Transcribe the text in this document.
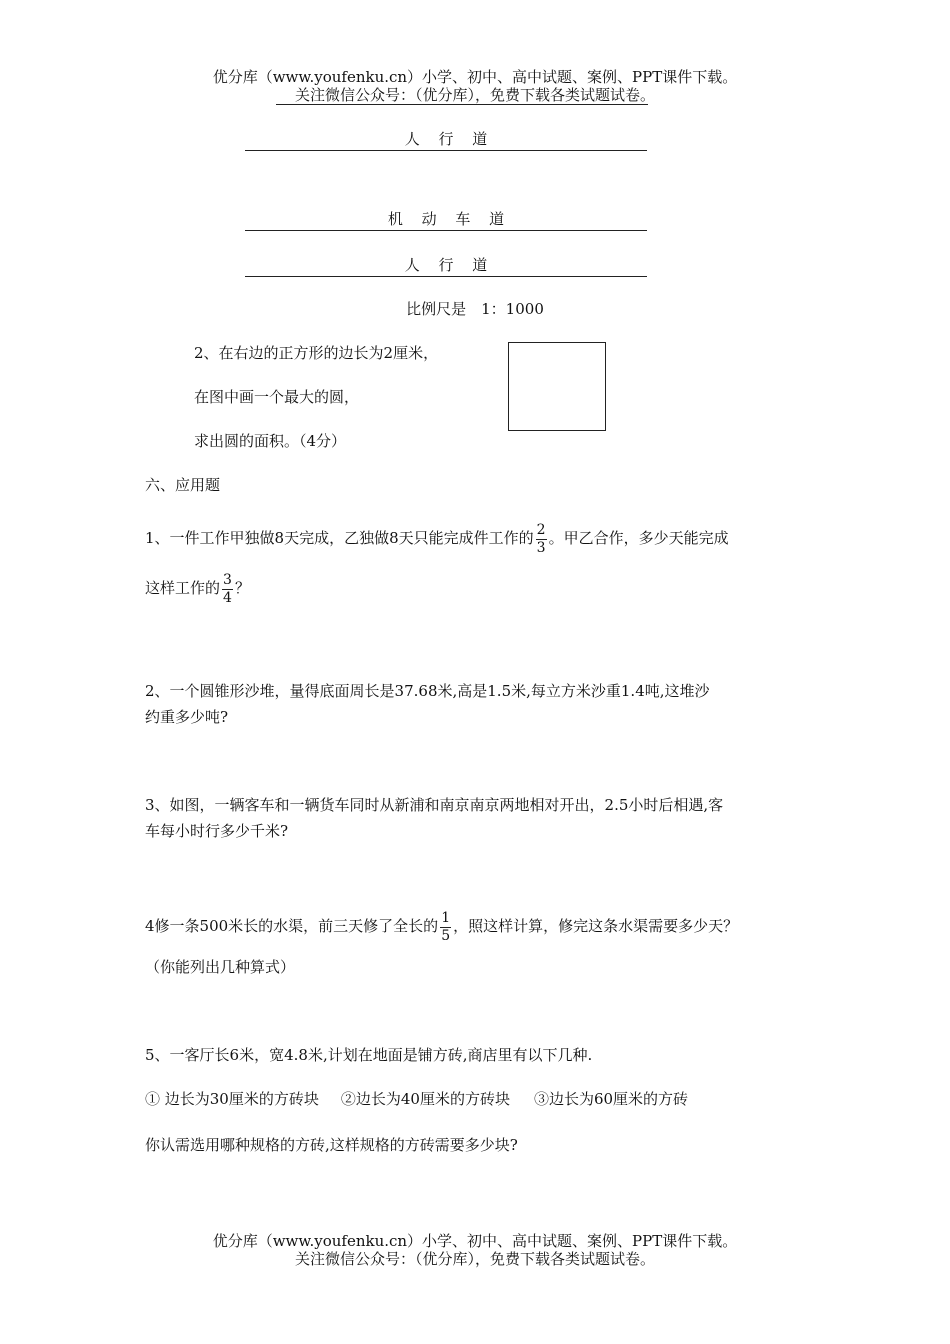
优分库（www.youfenku.cn）小学、初中、高中试题、案例、PPT课件下载。
关注微信公众号：（优分库），免费下载各类试题试卷。
人 行 道
机 动 车 道
人 行 道
比例尺是　1：1000
2、在右边的正方形的边长为2厘米，
在图中画一个最大的圆，
求出圆的面积。（4分）
六、应用题
1、一件工作甲独做8天完成，乙独做8天只能完成件工作的 $\frac{2}{3}$ 。甲乙合作，多少天能完成
这样工作的 $\frac{3}{4}$ ？
2、一个圆锥形沙堆，量得底面周长是37.68米,高是1.5米,每立方米沙重1.4吨,这堆沙
约重多少吨?
3、如图，一辆客车和一辆货车同时从新浦和南京南京两地相对开出，2.5小时后相遇,客
车每小时行多少千米?
4修一条500米长的水渠，前三天修了全长的 $\frac{1}{5}$ ，照这样计算，修完这条水渠需要多少天？
（你能列出几种算式）
5、一客厅长6米，宽4.8米,计划在地面是铺方砖,商店里有以下几种.
① 边长为30厘米的方砖块 ②边长为40厘米的方砖块 ③边长为60厘米的方砖
你认需选用哪种规格的方砖,这样规格的方砖需要多少块?
优分库（www.youfenku.cn）小学、初中、高中试题、案例、PPT课件下载。
关注微信公众号：（优分库），免费下载各类试题试卷。
